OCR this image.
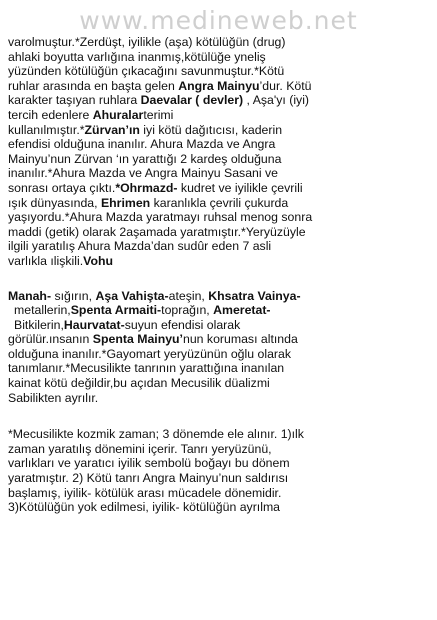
www.medineweb.net

varolmuştur.*Zerdüşt, iyilikle (aşa) kötülüğün (drug)

ahlaki boyutta varlığına inanmış,kötülüğe yneliş

yüzünden kötülüğün çıkacağını savunmuştur.*Kötü

ruhlar arasında en başta gelen Angra Mainyu’dur. Kötü

karakter taşıyan ruhlara Daevalar ( devler) , Aşa'yı (iyi)

tercih edenlere Ahuralarterimi

kullanılmıştır.*Zürvan’ın iyi kötü dağıtıcısı, kaderin

efendisi olduğuna inanılır. Ahura Mazda ve Angra

Mainyu’nun Zürvan ‘ın yarattığı 2 kardeş olduğuna

inanılır.*Ahura Mazda ve Angra Mainyu Sasani ve

sonrası ortaya çıktı.*Ohrmazd- kudret ve iyilikle çevrili

ışık dünyasında, Ehrimen karanlıkla çevrili çukurda

yaşıyordu.*Ahura Mazda yaratmayı ruhsal menog sonra

maddi (getik) olarak 2aşamada yaratmıştır.*Yeryüzüyle

ilgili yaratılış Ahura Mazda’dan sudûr eden 7 asli

varlıkla ılişkili.Vohu

Manah- sığırın, Aşa Vahişta-ateşin, Khsatra Vainya-

metallerin,Spenta Armaiti-toprağın, Ameretat-

Bitkilerin,Haurvatat-suyun efendisi olarak

görülür.ınsanın Spenta Mainyu’nun koruması altında

olduğuna inanılır.*Gayomart yeryüzünün oğlu olarak

tanımlanır.*Mecusilikte tanrının yarattığına inanılan

kainat kötü değildir,bu açıdan Mecusilik düalizmi

Sabilikten ayrılır.

*Mecusilikte kozmik zaman; 3 dönemde ele alınır. 1)ılk

zaman yaratılış dönemini içerir. Tanrı yeryüzünü,

varlıkları ve yaratıcı iyilik sembolü boğayı bu dönem

yaratmıştır. 2) Kötü tanrı Angra Mainyu’nun saldırısı

başlamış, iyilik- kötülük arası mücadele dönemidir.

3)Kötülüğün yok edilmesi, iyilik- kötülüğün ayrılma
